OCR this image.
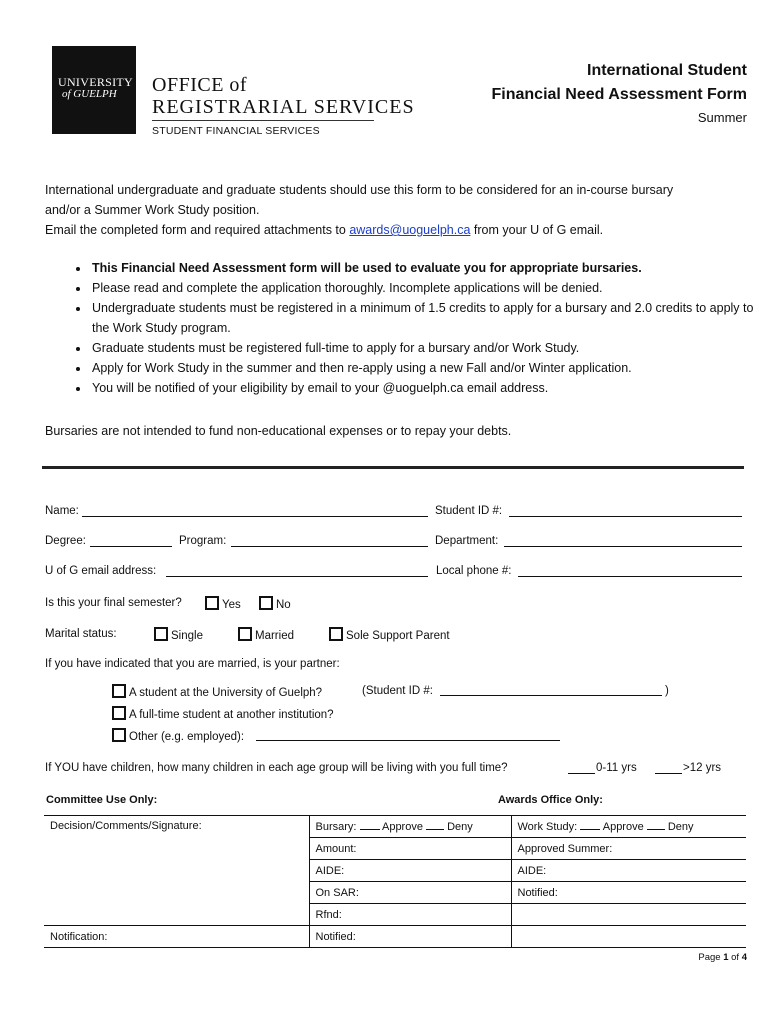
UNIVERSITY
of GUELPH OFFICE of
REGISTRARIAL SERVICES
STUDENT FINANCIAL SERVICES
International Student
Financial Need Assessment Form
Summer
International undergraduate and graduate students should use this form to be considered for an in-course bursary and/or a Summer Work Study position.
Email the completed form and required attachments to awards@uoguelph.ca from your U of G email.
• This Financial Need Assessment form will be used to evaluate you for appropriate bursaries.
• Please read and complete the application thoroughly. Incomplete applications will be denied.
• Undergraduate students must be registered in a minimum of 1.5 credits to apply for a bursary and 2.0 credits to apply to the Work Study program.
• Graduate students must be registered full-time to apply for a bursary and/or Work Study.
• Apply for Work Study in the summer and then re-apply using a new Fall and/or Winter application.
• You will be notified of your eligibility by email to your @uoguelph.ca email address.
Bursaries are not intended to fund non-educational expenses or to repay your debts.
Name:	Student ID #:
Degree:	Program:	Department:
U of G email address:	Local phone #:
Is this your final semester?	Yes	No
Marital status:	Single	Married	Sole Support Parent
If you have indicated that you are married, is your partner:
A student at the University of Guelph?	(Student ID #:	)
A full-time student at another institution?
Other (e.g. employed):
If YOU have children, how many children in each age group will be living with you full time?	0-11 yrs	>12 yrs
Committee Use Only:	Awards Office Only:
Decision/Comments/Signature:	Bursary: Approve Deny	Work Study: Approve Deny
	Amount:	Approved Summer:
	AIDE:	AIDE:
	On SAR:	Notified:
	Rfnd:	
Notification:	Notified:	
Page 1 of 4
